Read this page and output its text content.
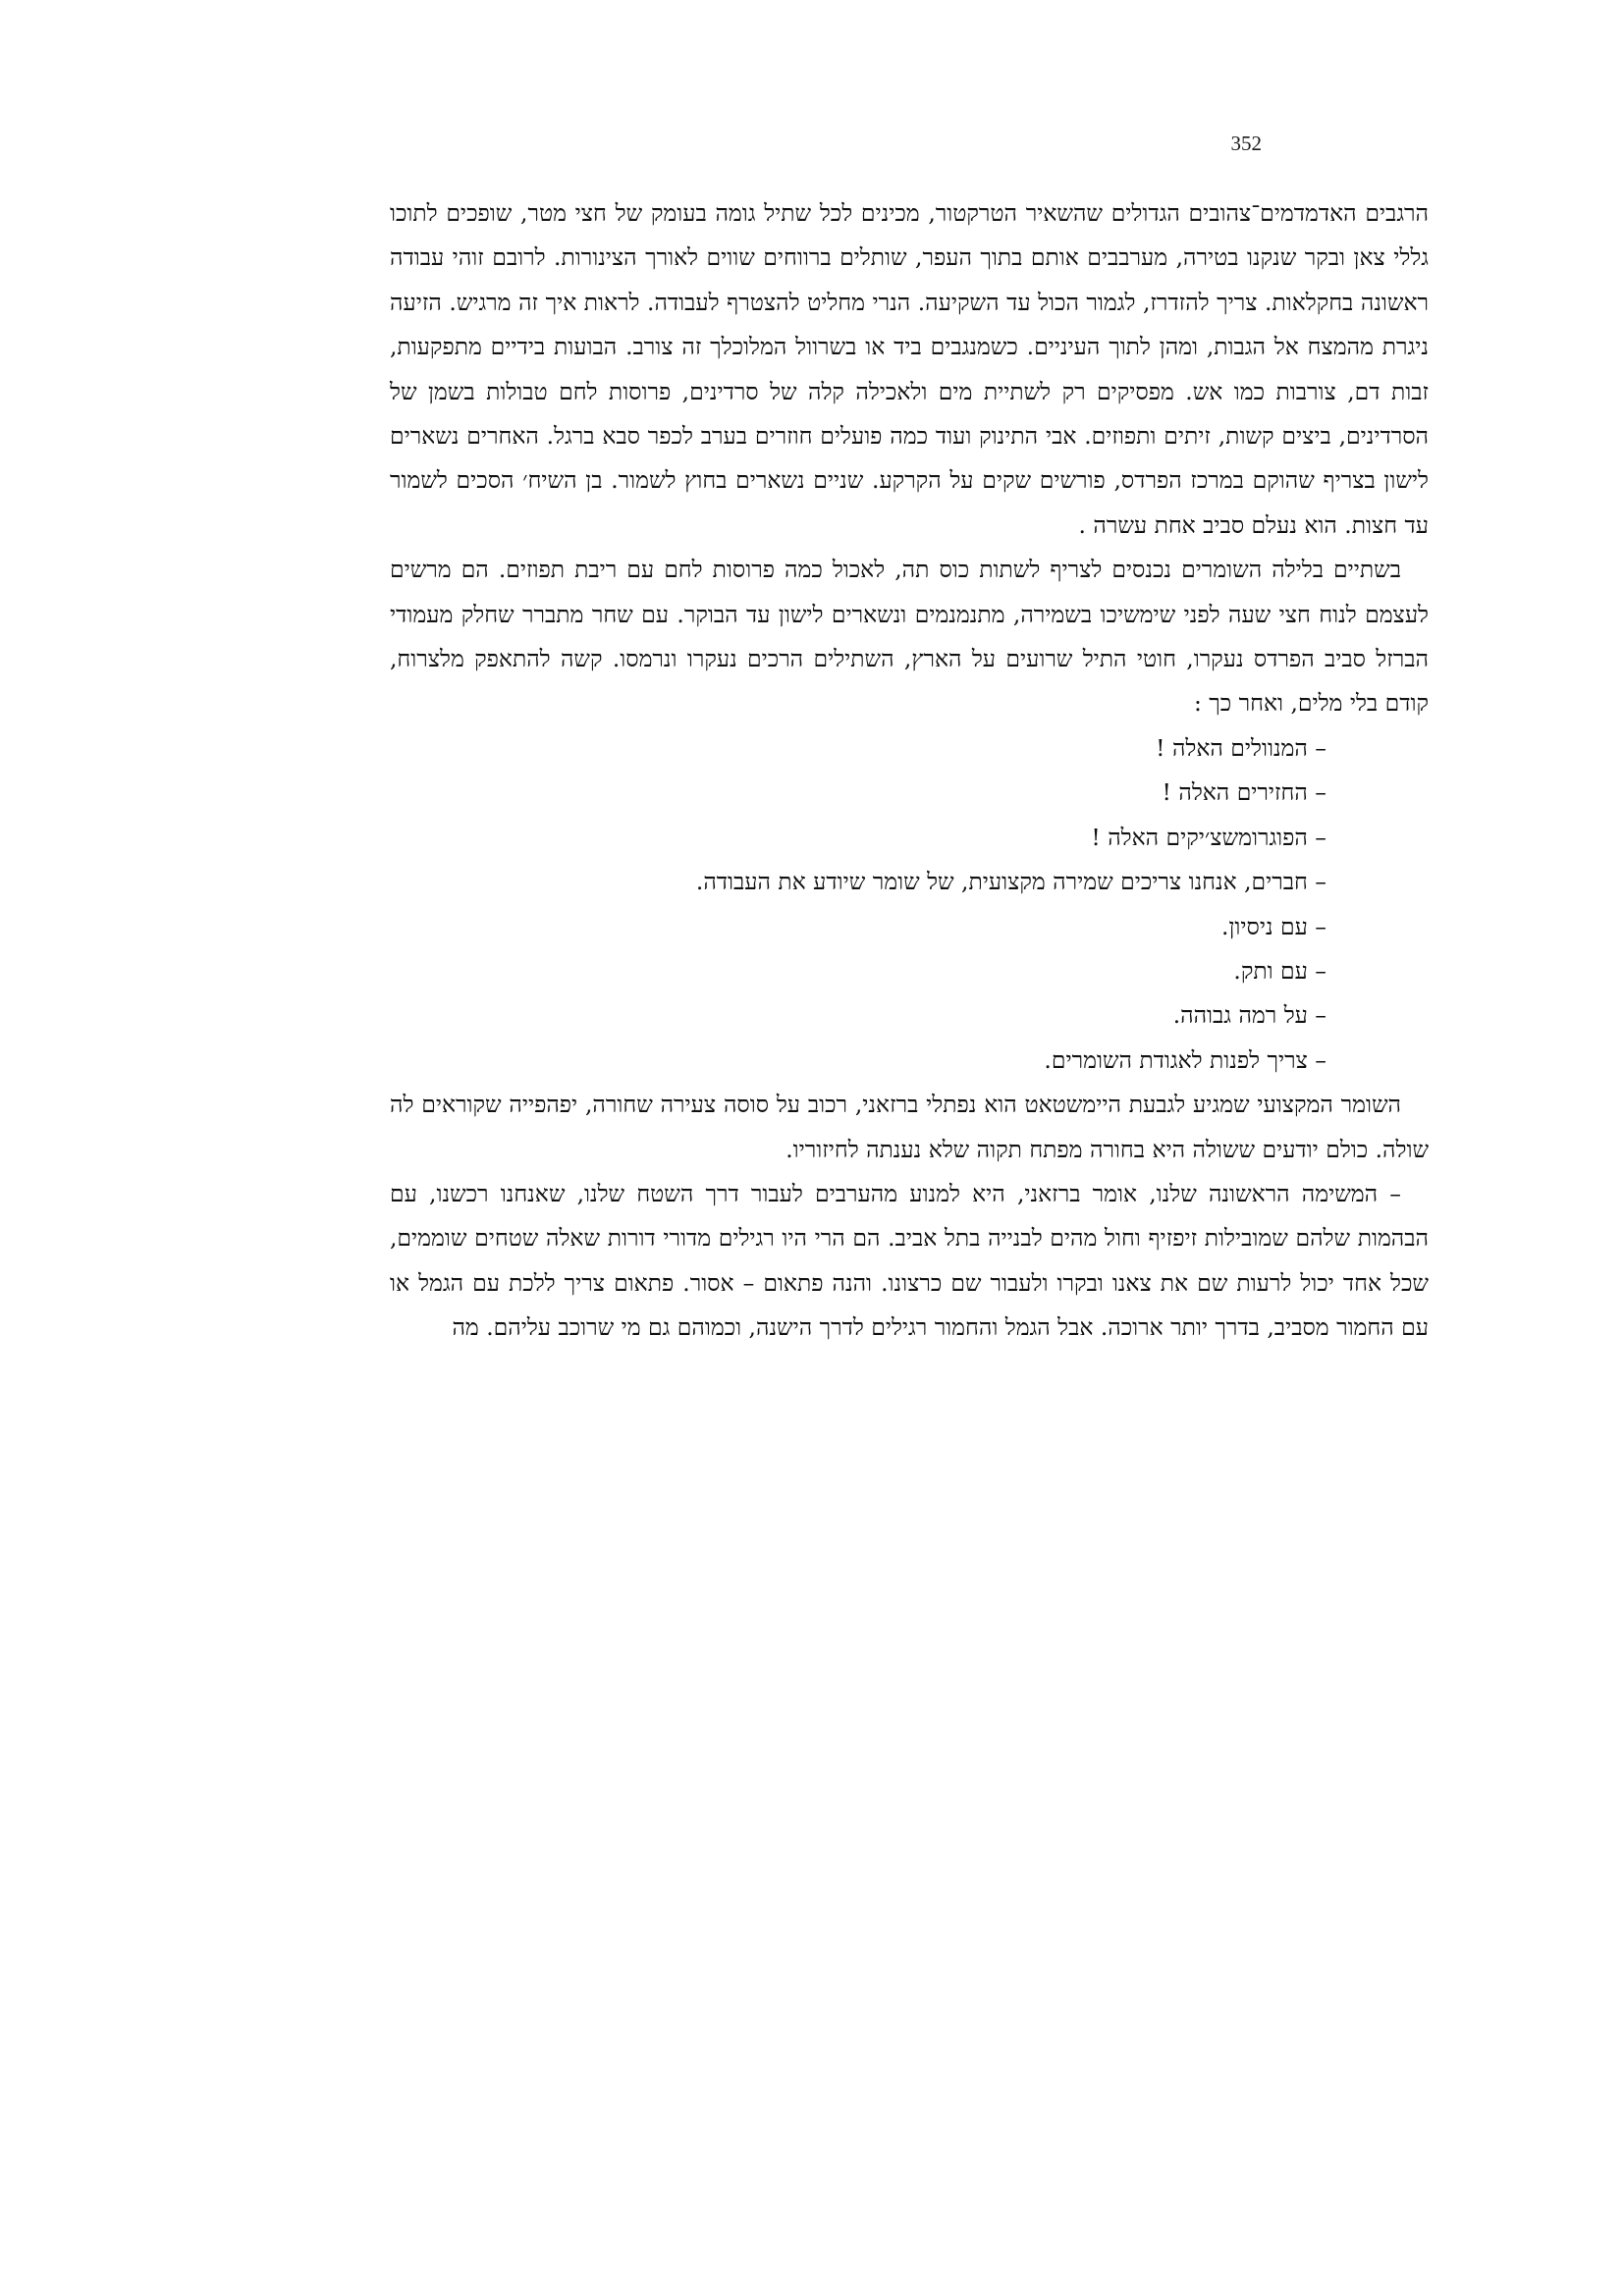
352

הרגבים האדמדמים־צהובים הגדולים שהשאיר הטרקטור, מכינים לכל שתיל גומה בעומק של חצי מטר, שופכים לתוכו גללי צאן ובקר שנקנו בטירה, מערבבים אותם בתוך העפר, שותלים ברווחים שווים לאורך הצינורות. לרובם זוהי עבודה ראשונה בחקלאות. צריך להזדרז, לגמור הכול עד השקיעה. הנרי מחליט להצטרף לעבודה. לראות איך זה מרגיש. הזיעה ניגרת מהמצח אל הגבות, ומהן לתוך העיניים. כשמנגבים ביד או בשרוול המלוכלך זה צורב. הבועות בידיים מתפקעות, זבות דם, צורבות כמו אש. מפסיקים רק לשתיית מים ולאכילה קלה של סרדינים, פרוסות לחם טבולות בשמן של הסרדינים, ביצים קשות, זיתים ותפוזים. אבי התינוק ועוד כמה פועלים חוזרים בערב לכפר סבא ברגל. האחרים נשארים לישון בצריף שהוקם במרכז הפרדס, פורשים שקים על הקרקע. שניים נשארים בחוץ לשמור. בן השיח׳ הסכים לשמור עד חצות. הוא נעלם סביב אחת עשרה .

בשתיים בלילה השומרים נכנסים לצריף לשתות כוס תה, לאכול כמה פרוסות לחם עם ריבת תפוזים. הם מרשים לעצמם לנוח חצי שעה לפני שימשיכו בשמירה, מתנמנמים ונשארים לישון עד הבוקר. עם שחר מתברר שחלק מעמודי הברזל סביב הפרדס נעקרו, חוטי התיל שרועים על הארץ, השתילים הרכים נעקרו ונרמסו. קשה להתאפק מלצרוח, קודם בלי מלים, ואחר כך :

– המנוולים האלה !
– החזירים האלה !
– הפוגרומשצ׳יקים האלה !
– חברים, אנחנו צריכים שמירה מקצועית, של שומר שיודע את העבודה.
– עם ניסיון.
– עם ותק.
– על רמה גבוהה.
– צריך לפנות לאגודת השומרים.

השומר המקצועי שמגיע לגבעת היימשטאט הוא נפתלי ברזאני, רכוב על סוסה צעירה שחורה, יפהפייה שקוראים לה שולה. כולם יודעים ששולה היא בחורה מפתח תקוה שלא נענתה לחיזוריו.

– המשימה הראשונה שלנו, אומר ברזאני, היא למנוע מהערבים לעבור דרך השטח שלנו, שאנחנו רכשנו, עם הבהמות שלהם שמובילות זיפזיף וחול מהים לבנייה בתל אביב. הם הרי היו רגילים מדורי דורות שאלה שטחים שוממים, שכל אחד יכול לרעות שם את צאנו ובקרו ולעבור שם כרצונו. והנה פתאום – אסור. פתאום צריך ללכת עם הגמל או עם החמור מסביב, בדרך יותר ארוכה. אבל הגמל והחמור רגילים לדרך הישנה, וכמוהם גם מי שרוכב עליהם. מה
